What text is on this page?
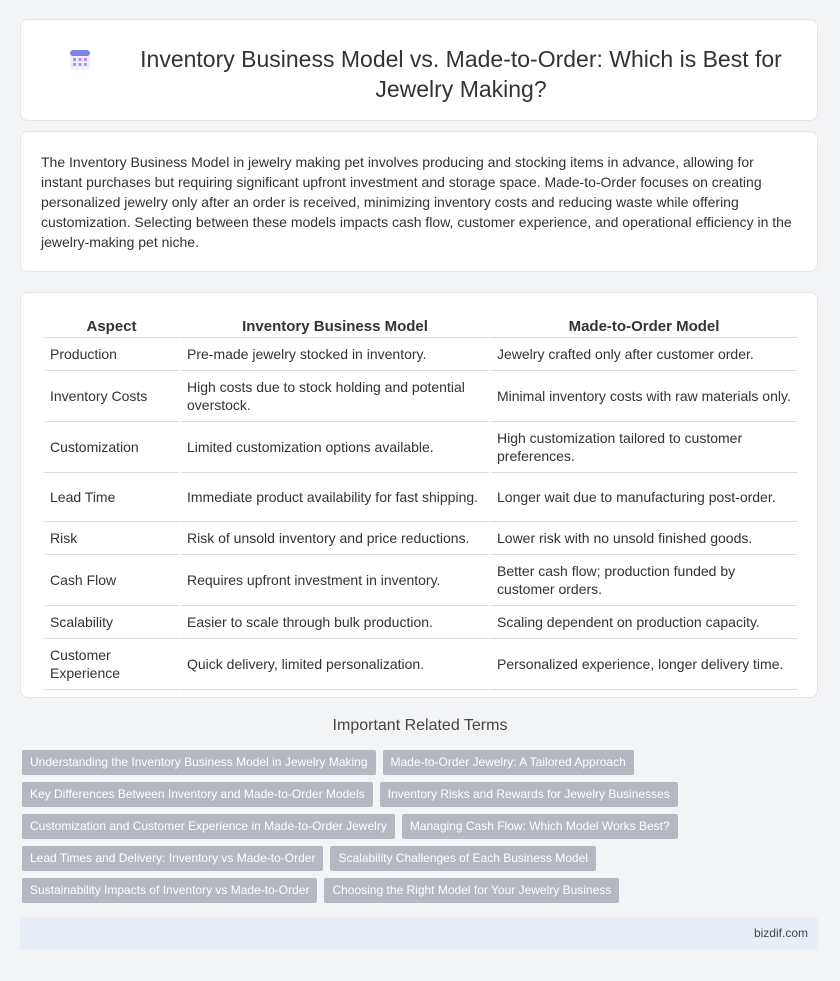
Inventory Business Model vs. Made-to-Order: Which is Best for Jewelry Making?
The Inventory Business Model in jewelry making pet involves producing and stocking items in advance, allowing for instant purchases but requiring significant upfront investment and storage space. Made-to-Order focuses on creating personalized jewelry only after an order is received, minimizing inventory costs and reducing waste while offering customization. Selecting between these models impacts cash flow, customer experience, and operational efficiency in the jewelry-making pet niche.
Aspect	Inventory Business Model	Made-to-Order Model
Production	Pre-made jewelry stocked in inventory.	Jewelry crafted only after customer order.
Inventory Costs	High costs due to stock holding and potential overstock.	Minimal inventory costs with raw materials only.
Customization	Limited customization options available.	High customization tailored to customer preferences.
Lead Time	Immediate product availability for fast shipping.	Longer wait due to manufacturing post-order.
Risk	Risk of unsold inventory and price reductions.	Lower risk with no unsold finished goods.
Cash Flow	Requires upfront investment in inventory.	Better cash flow; production funded by customer orders.
Scalability	Easier to scale through bulk production.	Scaling dependent on production capacity.
Customer Experience	Quick delivery, limited personalization.	Personalized experience, longer delivery time.
Important Related Terms
Understanding the Inventory Business Model in Jewelry Making	Made-to-Order Jewelry: A Tailored Approach
Key Differences Between Inventory and Made-to-Order Models	Inventory Risks and Rewards for Jewelry Businesses
Customization and Customer Experience in Made-to-Order Jewelry	Managing Cash Flow: Which Model Works Best?
Lead Times and Delivery: Inventory vs Made-to-Order	Scalability Challenges of Each Business Model
Sustainability Impacts of Inventory vs Made-to-Order	Choosing the Right Model for Your Jewelry Business
bizdif.com
